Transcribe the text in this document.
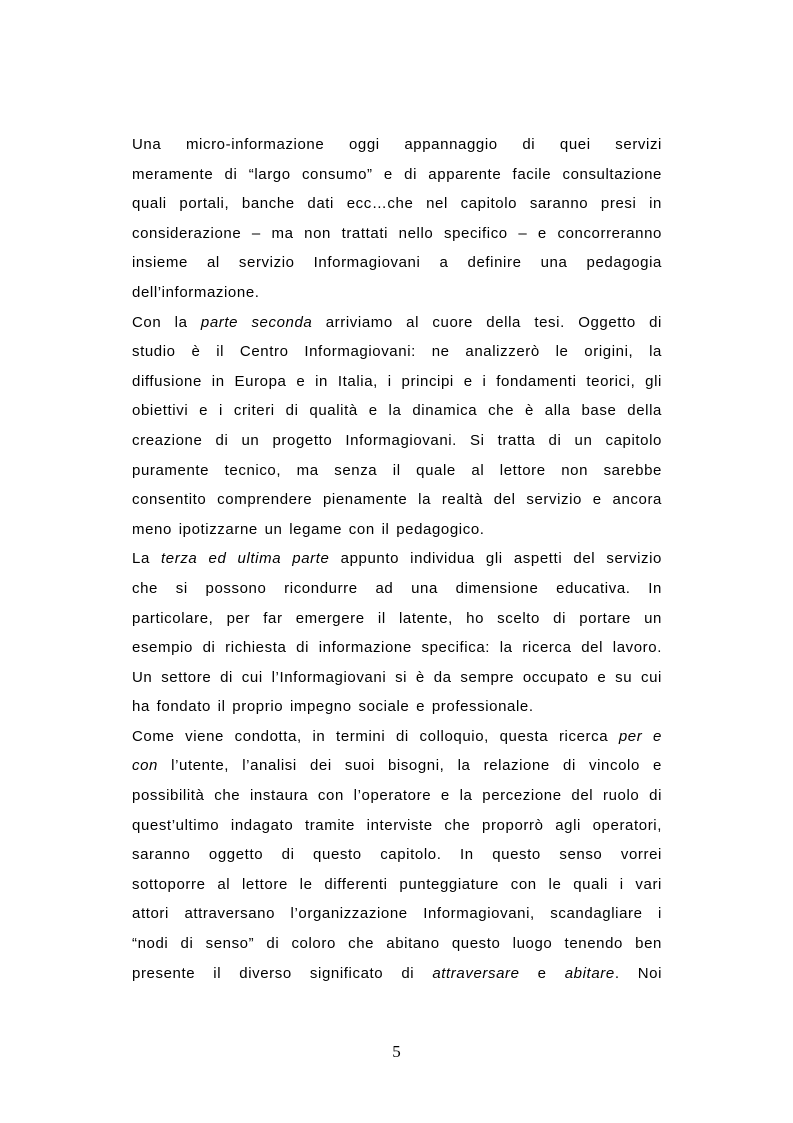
Una micro-informazione oggi appannaggio di quei servizi
meramente di “largo consumo” e di apparente facile consultazione
quali portali, banche dati ecc…che nel capitolo saranno presi in
considerazione – ma non trattati nello specifico – e concorreranno
insieme al servizio Informagiovani a definire una pedagogia
dell’informazione.

Con la parte seconda arriviamo al cuore della tesi. Oggetto di
studio è il Centro Informagiovani: ne analizzerò le origini, la
diffusione in Europa e in Italia, i principi e i fondamenti teorici, gli
obiettivi e i criteri di qualità e la dinamica che è alla base della
creazione di un progetto Informagiovani. Si tratta di un capitolo
puramente tecnico, ma senza il quale al lettore non sarebbe
consentito comprendere pienamente la realtà del servizio e ancora
meno ipotizzarne un legame con il pedagogico.

La terza ed ultima parte appunto individua gli aspetti del servizio
che si possono ricondurre ad una dimensione educativa. In
particolare, per far emergere il latente, ho scelto di portare un
esempio di richiesta di informazione specifica: la ricerca del lavoro.
Un settore di cui l’Informagiovani si è da sempre occupato e su cui
ha fondato il proprio impegno sociale e professionale.

Come viene condotta, in termini di colloquio, questa ricerca per e
con l’utente, l’analisi dei suoi bisogni, la relazione di vincolo e
possibilità che instaura con l’operatore e la percezione del ruolo di
quest’ultimo indagato tramite interviste che proporrò agli operatori,
saranno oggetto di questo capitolo. In questo senso vorrei
sottoporre al lettore le differenti punteggiature con le quali i vari
attori attraversano l’organizzazione Informagiovani, scandagliare i
“nodi di senso” di coloro che abitano questo luogo tenendo ben
presente il diverso significato di attraversare e abitare. Noi

5
